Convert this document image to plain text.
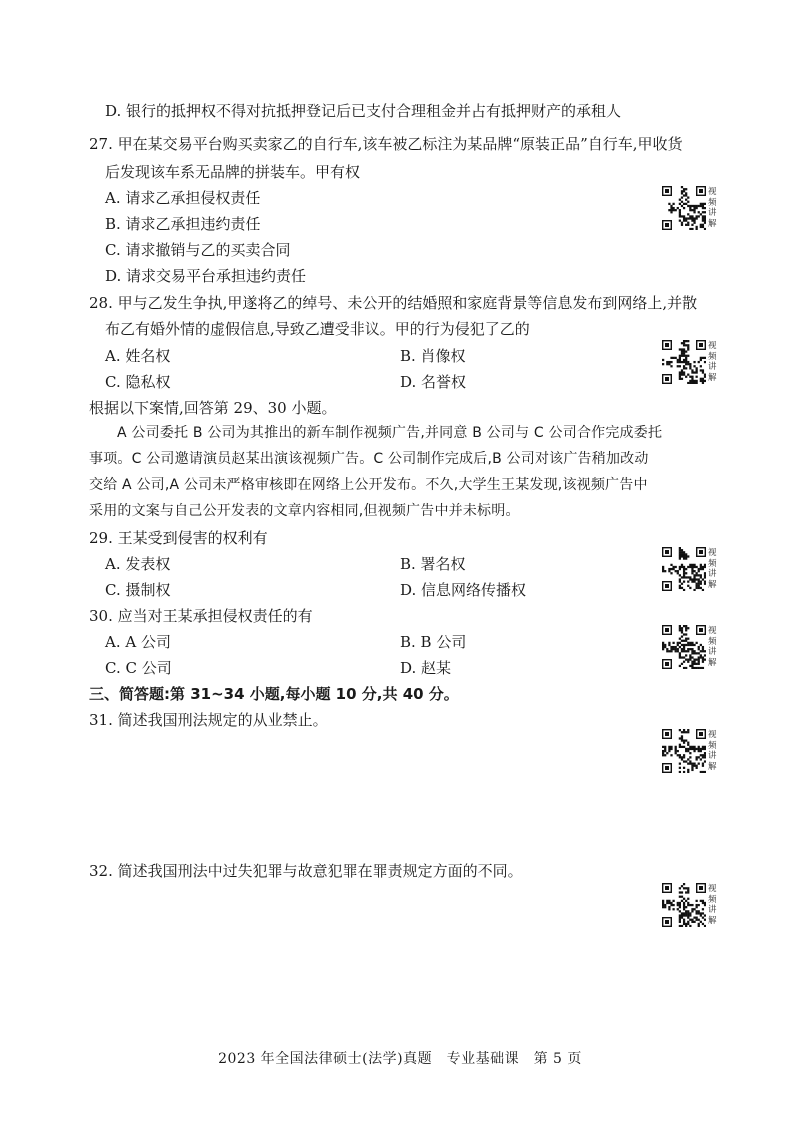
D. 银行的抵押权不得对抗抵押登记后已支付合理租金并占有抵押财产的承租人
27. 甲在某交易平台购买卖家乙的自行车,该车被乙标注为某品牌“原装正品”自行车,甲收货
后发现该车系无品牌的拼装车。甲有权
A. 请求乙承担侵权责任
B. 请求乙承担违约责任
C. 请求撤销与乙的买卖合同
D. 请求交易平台承担违约责任
28. 甲与乙发生争执,甲遂将乙的绰号、未公开的结婚照和家庭背景等信息发布到网络上,并散
布乙有婚外情的虚假信息,导致乙遭受非议。甲的行为侵犯了乙的
A. 姓名权	B. 肖像权
C. 隐私权	D. 名誉权
根据以下案情,回答第 29、30 小题。
A 公司委托 B 公司为其推出的新车制作视频广告,并同意 B 公司与 C 公司合作完成委托
事项。C 公司邀请演员赵某出演该视频广告。C 公司制作完成后,B 公司对该广告稍加改动
交给 A 公司,A 公司未严格审核即在网络上公开发布。不久,大学生王某发现,该视频广告中
采用的文案与自己公开发表的文章内容相同,但视频广告中并未标明。
29. 王某受到侵害的权利有
A. 发表权	B. 署名权
C. 摄制权	D. 信息网络传播权
30. 应当对王某承担侵权责任的有
A. A 公司	B. B 公司
C. C 公司	D. 赵某
三、简答题:第 31~34 小题,每小题 10 分,共 40 分。
31. 简述我国刑法规定的从业禁止。
32. 简述我国刑法中过失犯罪与故意犯罪在罪责规定方面的不同。
视频讲解
视频讲解
视频讲解
视频讲解
视频讲解
视频讲解
2023 年全国法律硕士(法学)真题　专业基础课　第 5 页
